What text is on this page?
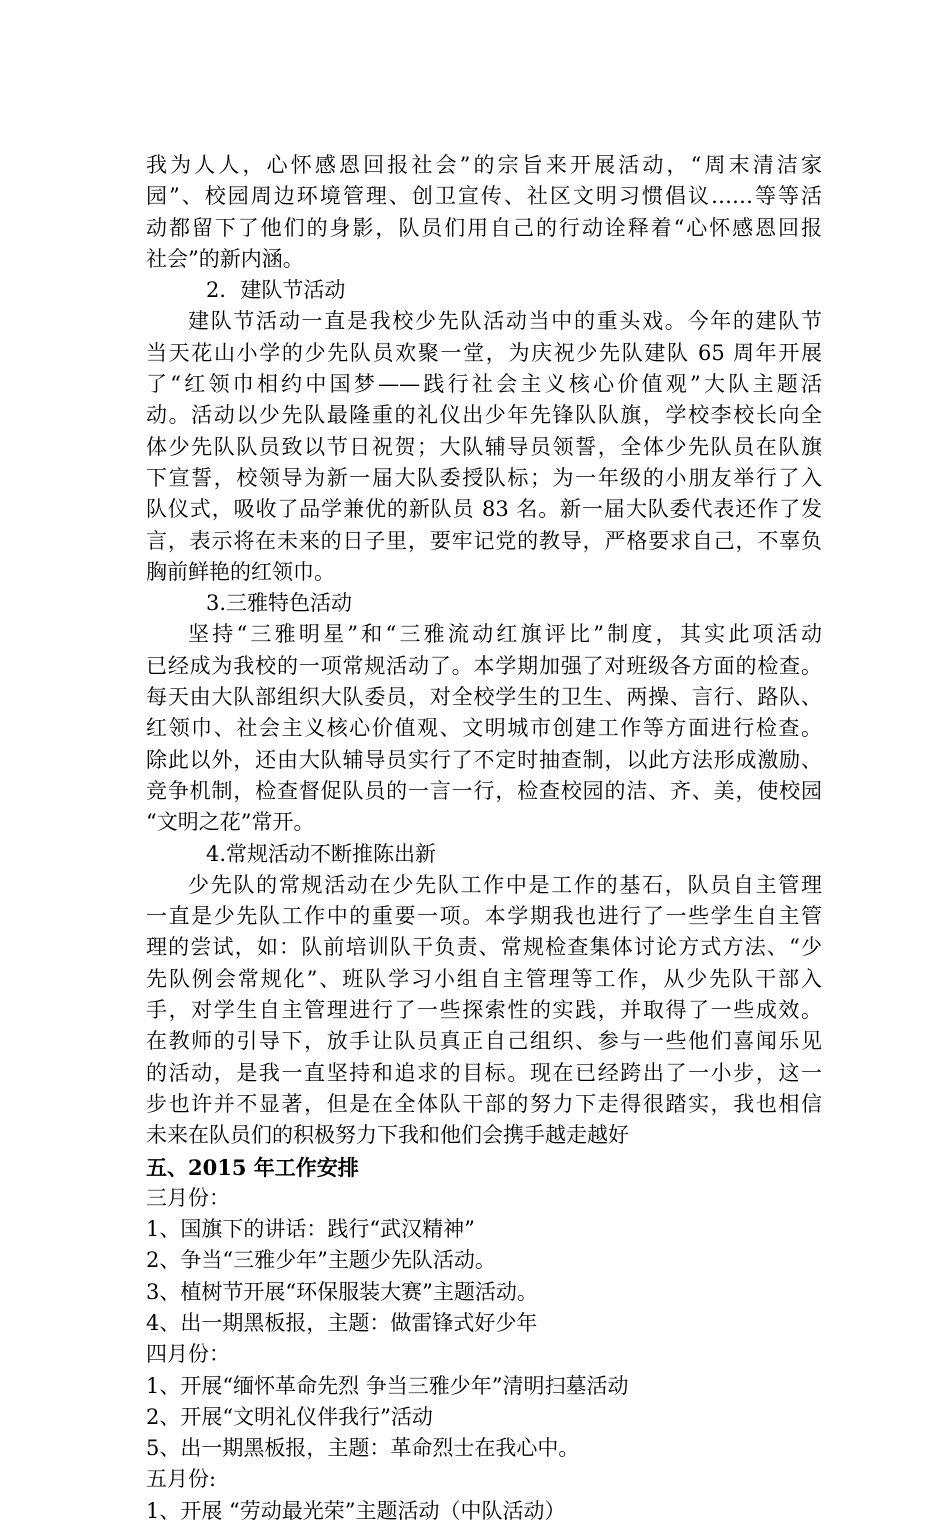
我为人人，心怀感恩回报社会”的宗旨来开展活动，“周末清洁家
园”、校园周边环境管理、创卫宣传、社区文明习惯倡议……等等活
动都留下了他们的身影，队员们用自己的行动诠释着“心怀感恩回报
社会”的新内涵。
2．建队节活动
建队节活动一直是我校少先队活动当中的重头戏。今年的建队节
当天花山小学的少先队员欢聚一堂，为庆祝少先队建队 65 周年开展
了“红领巾相约中国梦——践行社会主义核心价值观”大队主题活
动。活动以少先队最隆重的礼仪出少年先锋队队旗，学校李校长向全
体少先队队员致以节日祝贺；大队辅导员领誓，全体少先队员在队旗
下宣誓，校领导为新一届大队委授队标；为一年级的小朋友举行了入
队仪式，吸收了品学兼优的新队员 83 名。新一届大队委代表还作了发
言，表示将在未来的日子里，要牢记党的教导，严格要求自己，不辜负
胸前鲜艳的红领巾。
3.三雅特色活动
坚持“三雅明星”和“三雅流动红旗评比”制度，其实此项活动
已经成为我校的一项常规活动了。本学期加强了对班级各方面的检查。
每天由大队部组织大队委员，对全校学生的卫生、两操、言行、路队、
红领巾、社会主义核心价值观、文明城市创建工作等方面进行检查。
除此以外，还由大队辅导员实行了不定时抽查制，以此方法形成激励、
竞争机制，检查督促队员的一言一行，检查校园的洁、齐、美，使校园
“文明之花”常开。
4.常规活动不断推陈出新
少先队的常规活动在少先队工作中是工作的基石，队员自主管理
一直是少先队工作中的重要一项。本学期我也进行了一些学生自主管
理的尝试，如：队前培训队干负责、常规检查集体讨论方式方法、“少
先队例会常规化”、班队学习小组自主管理等工作，从少先队干部入
手，对学生自主管理进行了一些探索性的实践，并取得了一些成效。
在教师的引导下，放手让队员真正自己组织、参与一些他们喜闻乐见
的活动，是我一直坚持和追求的目标。现在已经跨出了一小步，这一
步也许并不显著，但是在全体队干部的努力下走得很踏实，我也相信
未来在队员们的积极努力下我和他们会携手越走越好
五、2015 年工作安排
三月份：
1、国旗下的讲话：践行“武汉精神”
2、争当“三雅少年”主题少先队活动。
3、植树节开展“环保服装大赛”主题活动。
4、出一期黑板报，主题：做雷锋式好少年
四月份：
1、开展“缅怀革命先烈 争当三雅少年”清明扫墓活动
2、开展“文明礼仪伴我行”活动
5、出一期黑板报，主题：革命烈士在我心中。
五月份:
1、开展 “劳动最光荣”主题活动（中队活动）
